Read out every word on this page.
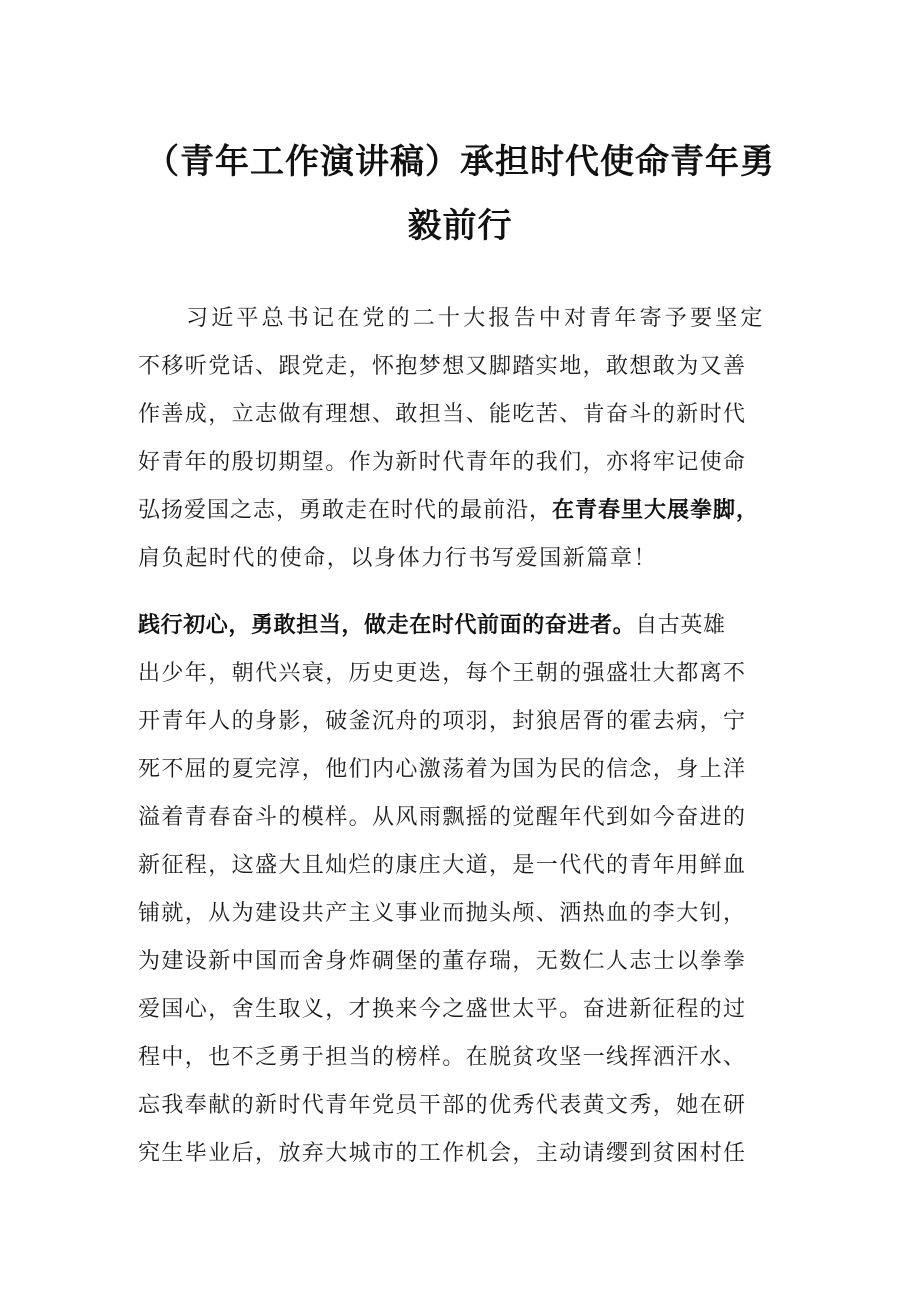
（青年工作演讲稿）承担时代使命青年勇
毅前行
习近平总书记在党的二十大报告中对青年寄予要坚定
不移听党话、跟党走，怀抱梦想又脚踏实地，敢想敢为又善
作善成，立志做有理想、敢担当、能吃苦、肯奋斗的新时代
好青年的殷切期望。作为新时代青年的我们，亦将牢记使命
弘扬爱国之志，勇敢走在时代的最前沿，在青春里大展拳脚，
肩负起时代的使命，以身体力行书写爱国新篇章！
践行初心，勇敢担当，做走在时代前面的奋进者。自古英雄
出少年，朝代兴衰，历史更迭，每个王朝的强盛壮大都离不
开青年人的身影，破釜沉舟的项羽，封狼居胥的霍去病，宁
死不屈的夏完淳，他们内心激荡着为国为民的信念，身上洋
溢着青春奋斗的模样。从风雨飘摇的觉醒年代到如今奋进的
新征程，这盛大且灿烂的康庄大道，是一代代的青年用鲜血
铺就，从为建设共产主义事业而抛头颅、洒热血的李大钊，
为建设新中国而舍身炸碉堡的董存瑞，无数仁人志士以拳拳
爱国心，舍生取义，才换来今之盛世太平。奋进新征程的过
程中，也不乏勇于担当的榜样。在脱贫攻坚一线挥洒汗水、
忘我奉献的新时代青年党员干部的优秀代表黄文秀，她在研
究生毕业后，放弃大城市的工作机会，主动请缨到贫困村任
